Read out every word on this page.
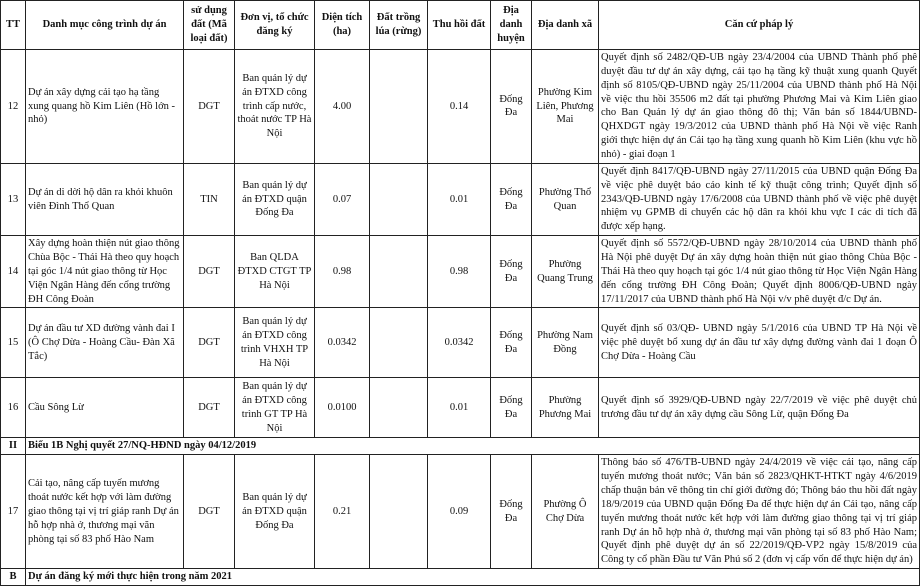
TT	Danh mục công trình dự án	sử dụng đất (Mã loại đất)	Đơn vị, tổ chức đăng ký	Diện tích (ha)	Đất trồng lúa (rừng)	Thu hồi đất	Địa danh huyện	Địa danh xã	Căn cứ pháp lý
12	Dự án xây dựng cải tạo hạ tầng xung quang hồ Kim Liên (Hồ lớn - nhỏ)	DGT	Ban quản lý dự án ĐTXD công trình cấp nước, thoát nước TP Hà Nội	4.00		0.14	Đống Đa	Phường Kim Liên, Phương Mai	Quyết định số 2482/QĐ-UB ngày 23/4/2004 của UBND Thành phố phê duyệt đầu tư dự án xây dựng, cải tạo hạ tầng kỹ thuật xung quanh Quyết định số 8105/QĐ-UBND ngày 25/11/2004 của UBND thành phố Hà Nội về việc thu hồi 35506 m2 đất tại phường Phương Mai và Kim Liên giao cho Ban Quản lý dự án giao thông đô thị; Văn bản số 1844/UBND-QHXDGT ngày 19/3/2012 của UBND thành phố Hà Nội về việc Ranh giới thực hiện dự án Cải tạo hạ tầng xung quanh hồ Kim Liên (khu vực hồ nhỏ) - giai đoạn 1
13	Dự án di dời hộ dân ra khỏi khuôn viên Đình Thổ Quan	TIN	Ban quản lý dự án ĐTXD quận Đống Đa	0.07		0.01	Đống Đa	Phường Thổ Quan	Quyết định 8417/QĐ-UBND ngày 27/11/2015 của UBND quận Đống Đa về việc phê duyệt báo cáo kinh tế kỹ thuật công trình; Quyết định số 2343/QĐ-UBND ngày 17/6/2008 của UBND thành phố về việc phê duyệt nhiệm vụ GPMB di chuyển các hộ dân ra khỏi khu vực I các di tích đã được xếp hạng.
14	Xây dựng hoàn thiện nút giao thông Chùa Bộc - Thái Hà theo quy hoạch tại góc 1/4 nút giao thông từ Học Viện Ngân Hàng đến cổng trường ĐH Công Đoàn	DGT	Ban QLDA ĐTXD CTGT TP Hà Nội	0.98		0.98	Đống Đa	Phường Quang Trung	Quyết định số 5572/QĐ-UBND ngày 28/10/2014 của UBND thành phố Hà Nội phê duyệt Dự án xây dựng hoàn thiện nút giao thông Chùa Bộc - Thái Hà theo quy hoạch tại góc 1/4 nút giao thông từ Học Viện Ngân Hàng đến cổng trường ĐH Công Đoàn; Quyết định 8006/QĐ-UBND ngày 17/11/2017 của UBND thành phố Hà Nội v/v phê duyệt đ/c Dự án.
15	Dự án đầu tư XD đường vành đai I (Ô Chợ Dừa - Hoàng Cầu- Đàn Xã Tắc)	DGT	Ban quản lý dự án ĐTXD công trình VHXH TP Hà Nội	0.0342		0.0342	Đống Đa	Phường Nam Đồng	Quyết định số 03/QĐ- UBND ngày 5/1/2016 của UBND TP Hà Nội về việc phê duyệt bổ xung dự án đầu tư xây dựng đường vành đai 1 đoạn Ô Chợ Dừa - Hoàng Cầu
16	Cầu Sông Lừ	DGT	Ban quản lý dự án ĐTXD công trình GT TP Hà Nội	0.0100		0.01	Đống Đa	Phường Phương Mai	Quyết định số 3929/QĐ-UBND ngày 22/7/2019 về việc phê duyệt chủ trương đầu tư dự án xây dựng cầu Sông Lừ, quận Đống Đa
II	Biểu 1B Nghị quyết 27/NQ-HĐND ngày 04/12/2019								
17	Cải tạo, nâng cấp tuyến mương thoát nước kết hợp với làm đường giao thông tại vị trí giáp ranh Dự án hỗ hợp nhà ở, thương mại văn phòng tại số 83 phố Hào Nam	DGT	Ban quản lý dự án ĐTXD quận Đống Đa	0.21		0.09	Đống Đa	Phường Ô Chợ Dừa	Thông báo số 476/TB-UBND ngày 24/4/2019 về việc cải tạo, nâng cấp tuyến mương thoát nước; Văn bản số 2823/QHKT-HTKT ngày 4/6/2019 chấp thuận bản vẽ thông tin chỉ giới đường đỏ; Thông báo thu hồi đất ngày 18/9/2019 của UBND quận Đống Đa để thực hiện dự án Cải tạo, nâng cấp tuyến mương thoát nước kết hợp với làm đường giao thông tại vị trí giáp ranh Dự án hỗ hợp nhà ở, thương mại văn phòng tại số 83 phố Hào Nam; Quyết định phê duyệt dự án số 22/2019/QĐ-VP2 ngày 15/8/2019 của Công ty cổ phần Đầu tư Văn Phú số 2 (đơn vị cấp vốn để thực hiện dự án)
B	Dự án đăng ký mới thực hiện trong năm 2021								
